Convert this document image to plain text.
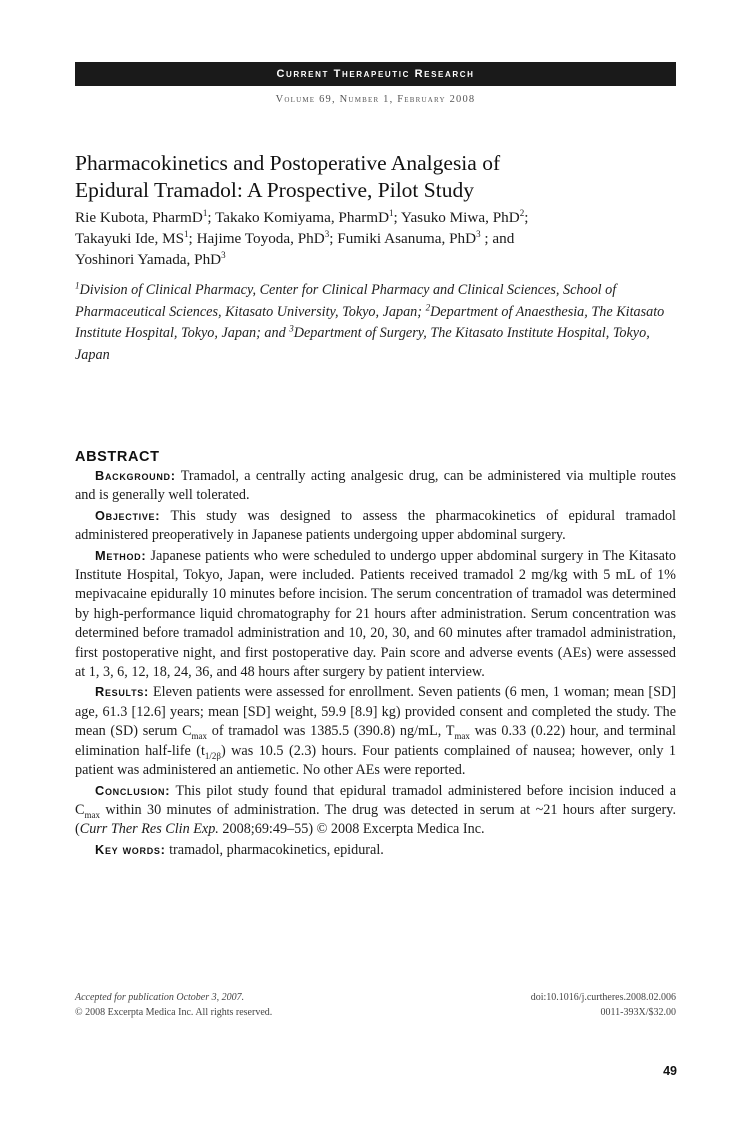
Current Therapeutic Research
Volume 69, Number 1, February 2008
Pharmacokinetics and Postoperative Analgesia of
Epidural Tramadol: A Prospective, Pilot Study
Rie Kubota, PharmD$^1$; Takako Komiyama, PharmD$^1$; Yasuko Miwa, PhD$^2$;
Takayuki Ide, $MS^1$; Hajime Toyoda, PhD$^3$; Fumiki Asanuma, PhD$^3$ ; and
Yoshinori Yamada, PhD$^3$
$^1$Division of Clinical Pharmacy, Center for Clinical Pharmacy and Clinical Sciences, School of Pharmaceutical Sciences, Kitasato University, Tokyo, Japan; $^2$Department of Anaesthesia, The Kitasato Institute Hospital, Tokyo, Japan; and $^3$Department of Surgery, The Kitasato Institute Hospital, Tokyo, Japan
ABSTRACT

Background: Tramadol, a centrally acting analgesic drug, can be administered via multiple routes and is generally well tolerated.

Objective: This study was designed to assess the pharmacokinetics of epidural tramadol administered preoperatively in Japanese patients undergoing upper abdominal surgery.

Method: Japanese patients who were scheduled to undergo upper abdominal surgery in The Kitasato Institute Hospital, Tokyo, Japan, were included. Patients received tramadol 2 mg/kg with 5 mL of 1% mepivacaine epidurally 10 minutes before incision. The serum concentration of tramadol was determined by high-performance liquid chromatography for 21 hours after administration. Serum concentration was determined before tramadol administration and 10, 20, 30, and 60 minutes after tramadol administration, first postoperative night, and first postoperative day. Pain score and adverse events (AEs) were assessed at 1, 3, 6, 12, 18, 24, 36, and 48 hours after surgery by patient interview.

Results: Eleven patients were assessed for enrollment. Seven patients (6 men, 1 woman; mean [SD] age, 61.3 [12.6] years; mean [SD] weight, 59.9 [8.9] kg) provided consent and completed the study. The mean (SD) serum $C_{max}$ of tramadol was 1385.5 (390.8) ng/mL, $T_{max}$ was 0.33 (0.22) hour, and terminal elimination half-life $(t_{1/2\beta})$ was 10.5 (2.3) hours. Four patients complained of nausea; however, only 1 patient was administered an antiemetic. No other AEs were reported.

Conclusion: This pilot study found that epidural tramadol administered before incision induced a $C_{max}$ within 30 minutes of administration. The drug was detected in serum at ~21 hours after surgery. (Curr Ther Res Clin Exp. 2008;69:49–55) © 2008 Excerpta Medica Inc.

Key words: tramadol, pharmacokinetics, epidural.

Accepted for publication October 3, 2007.	doi:10.1016/j.curtheres.2008.02.006
© 2008 Excerpta Medica Inc. All rights reserved.	0011-393X/$32.00
49
